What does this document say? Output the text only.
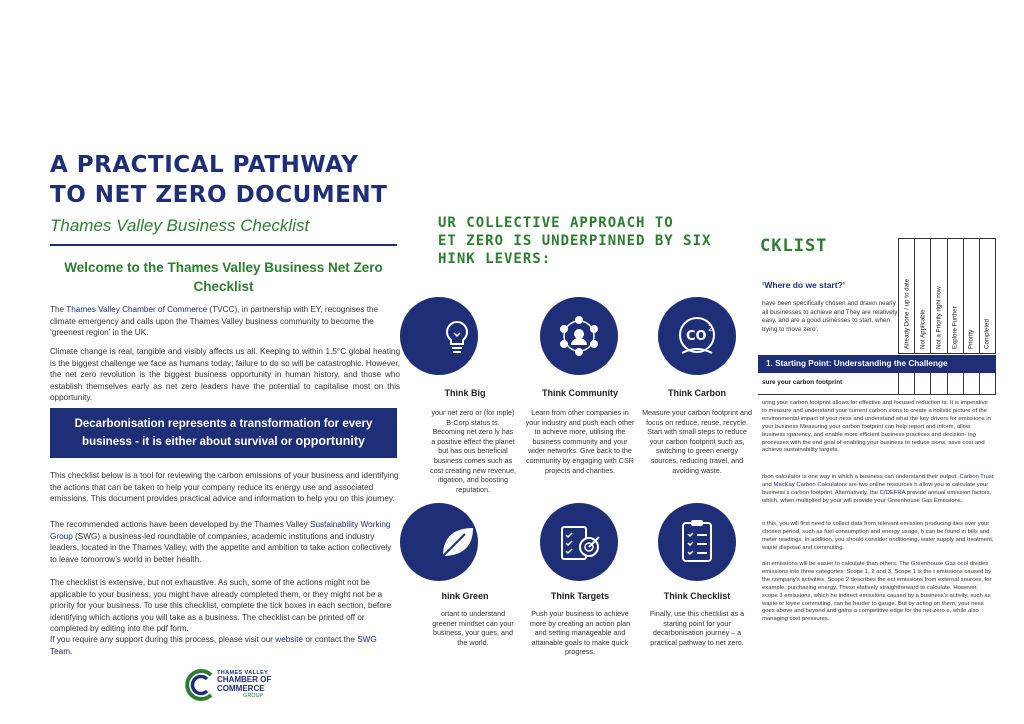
A PRACTICAL PATHWAY TO NET ZERO DOCUMENT
Thames Valley Business Checklist
Welcome to the Thames Valley Business Net Zero Checklist

The Thames Valley Chamber of Commerce (TVCC), in partnership with EY, recognises the climate emergency and calls upon the Thames Valley business community to become the ‘greenest region’ in the UK.

Climate change is real, tangible and visibly affects us all. Keeping to within 1.5°C global heating is the biggest challenge we face as humans today; failure to do so will be catastrophic. However, the net zero revolution is the biggest business opportunity in human history, and those who establish themselves early as net zero leaders have the potential to capitalise most on this opportunity.

Decarbonisation represents a transformation for every business - it is either about survival or opportunity

This checklist below is a tool for reviewing the carbon emissions of your business and identifying the actions that can be taken to help your company reduce its energy use and associated emissions. This document provides practical advice and information to help you on this journey.

The recommended actions have been developed by the Thames Valley Sustainability Working Group (SWG) a business-led roundtable of companies, academic institutions and industry leaders, located in the Thames Valley, with the appetite and ambition to take action collectively to leave tomorrow’s world in better health.

The checklist is extensive, but not exhaustive. As such, some of the actions might not be applicable to your business, you might have already completed them, or they might not be a priority for your business. To use this checklist, complete the tick boxes in each section, before identifying which actions you will take as a business. The checklist can be printed off or completed by editing into the pdf form.

If you require any support during this process, please visit our website or contact the SWG Team.

THAMES VALLEY
CHAMBER OF
COMMERCE
GROUP
UR COLLECTIVE APPROACH TO
ET ZERO IS UNDERPINNED BY SIX
HINK LEVERS:
Think Big
your net zero or (for mple) B-Corp status ts. Becoming net zero ly has a positive effect the planet but has ous beneficial business comes such as cost creating new revenue, itigation, and boosting reputation.
Think Community
Learn from other companies in your industry and push each other to achieve more, utilising the business community and your wider networks. Give back to the community by engaging with CSR projects and charities.
CO
2
Think Carbon
Measure your carbon footprint and focus on reduce, reuse, recycle. Start with small steps to reduce your carbon footprint such as, switching to green energy sources, reducing travel, and avoiding waste.
hink Green
ortant to understand greener mindset can your business, your gues, and the world.
Think Targets
Push your business to achieve more by creating an action plan and setting manageable and attainable goals to make quick progress.
Think Checklist
Finally, use this checklist as a starting point for your decarbonisation journey – a practical pathway to net zero.
CKLIST
‘Where do we start?’
have been specifically chosen and drawn nearly all businesses to achieve and They are relatively easy, and are a good usinesses to start, when trying to move zero'.	Already Done / up to date Not Applicable Not a Priority right now Explore Further Priority Completed
1. Starting Point: Understanding the Challenge
sure your carbon footprint

uring your carbon footprint allows for effective and focused reduction ts. It is imperative to measure and understand your current carbon sions to create a holistic picture of the environmental impact of your ness and understand what the key drivers for emissions in your business Measuring your carbon footprint can help report and inform, allow business sparency, and enable more efficient business practices and decision- ing processes with the end goal of enabling your business to reduce sions, save cost and achieve sustainability targets.

rbon calculator is one way in which a business can understand their output. Carbon Trust and MacKay Carbon Calculators are two online resources h allow you to calculate your business’s carbon footprint. Alternatively, the C/DEFRA provide annual emission factors, which, when multiplied by your will provide your Greenhouse Gas Emissions.

o this, you will first need to collect data from relevant emission producing ities over your chosen period, such as fuel consumption and energy usage, h can be found in bills and meter readings. In addition, you should consider onditioning, water supply and treatment, waste disposal and commuting.

ain emissions will be easier to calculate than others. The Greenhouse Gas ocol divides emissions into three categories: Scope 1, 2 and 3. Scope 1 is the t emissions caused by the company’s activities. Scope 2 describes the ect emissions from external sources, for example, purchasing energy. These elatively straightforward to calculate. However, scope 3 emissions, which he indirect emissions caused by a business’s activity, such as waste or loyee commuting, can be harder to gauge. But by acting on them, your ness goes above and beyond and gains a competitive edge for the net-zero e, while also managing cost pressures.
